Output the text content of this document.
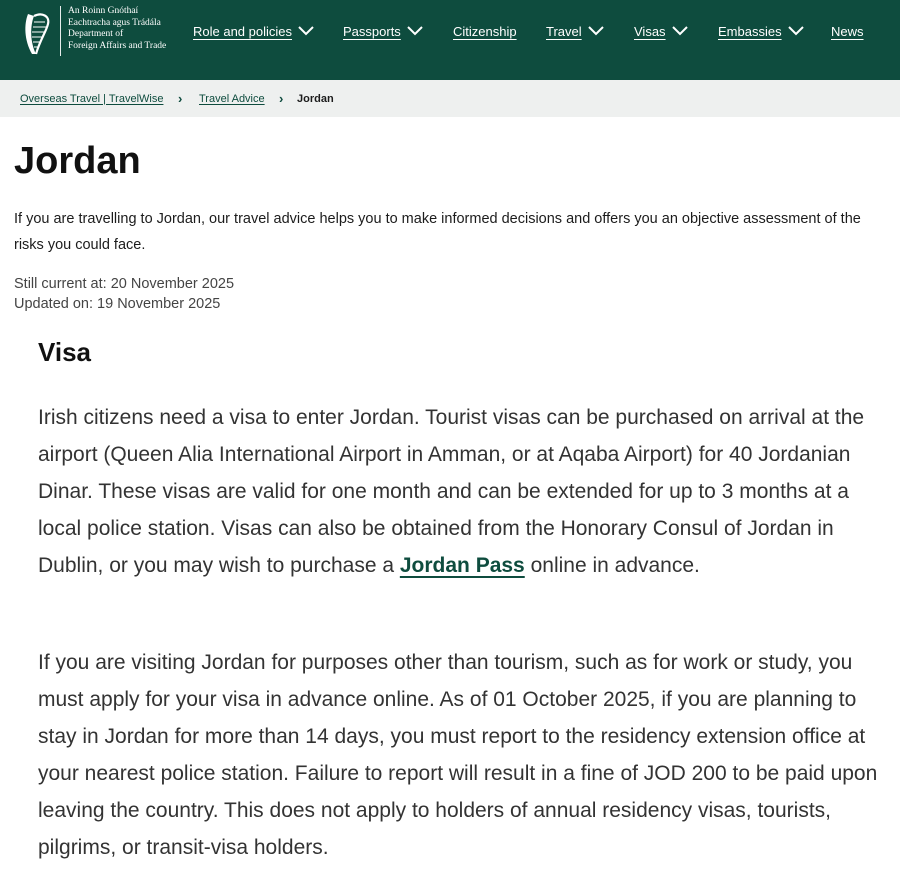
An Roinn Gnóthaí
Eachtracha agus Trádála
Department of
Foreign Affairs and Trade
Role and policies	Passports	Citizenship Travel	Visas	Embassies	News
Overseas Travel | TravelWise › Travel Advice › Jordan
Jordan

If you are travelling to Jordan, our travel advice helps you to make informed decisions and offers you an objective assessment of the risks you could face.

Still current at: 20 November 2025
Updated on: 19 November 2025
Visa

Irish citizens need a visa to enter Jordan. Tourist visas can be purchased on arrival at the airport (Queen Alia International Airport in Amman, or at Aqaba Airport) for 40 Jordanian Dinar. These visas are valid for one month and can be extended for up to 3 months at a local police station. Visas can also be obtained from the Honorary Consul of Jordan in Dublin, or you may wish to purchase a Jordan Pass online in advance.

If you are visiting Jordan for purposes other than tourism, such as for work or study, you must apply for your visa in advance online. As of 01 October 2025, if you are planning to stay in Jordan for more than 14 days, you must report to the residency extension office at your nearest police station. Failure to report will result in a fine of JOD 200 to be paid upon leaving the country. This does not apply to holders of annual residency visas, tourists, pilgrims, or transit-visa holders.
